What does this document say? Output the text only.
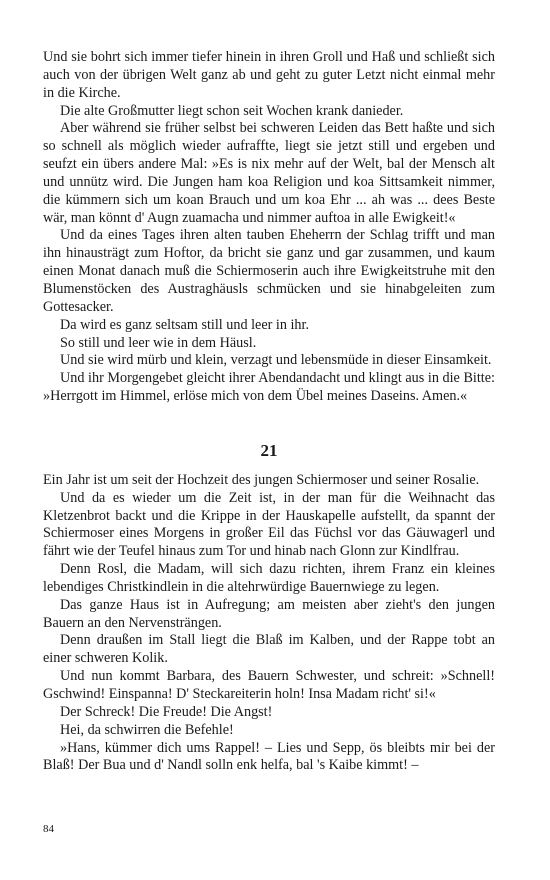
Und sie bohrt sich immer tiefer hinein in ihren Groll und Haß und schließt sich auch von der übrigen Welt ganz ab und geht zu guter Letzt nicht einmal mehr in die Kirche.

Die alte Großmutter liegt schon seit Wochen krank danieder.

Aber während sie früher selbst bei schweren Leiden das Bett haßte und sich so schnell als möglich wieder aufraffte, liegt sie jetzt still und ergeben und seufzt ein übers andere Mal: »Es is nix mehr auf der Welt, bal der Mensch alt und unnütz wird. Die Jungen ham koa Religion und koa Sittsamkeit nimmer, die kümmern sich um koan Brauch und um koa Ehr ... ah was ... dees Beste wär, man könnt d' Augn zuamacha und nimmer auftoa in alle Ewigkeit!«

Und da eines Tages ihren alten tauben Eheherrn der Schlag trifft und man ihn hinausträgt zum Hoftor, da bricht sie ganz und gar zusammen, und kaum einen Monat danach muß die Schiermoserin auch ihre Ewigkeitstruhe mit den Blumenstöcken des Austraghäusls schmücken und sie hinabgeleiten zum Gottesacker.

Da wird es ganz seltsam still und leer in ihr.

So still und leer wie in dem Häusl.

Und sie wird mürb und klein, verzagt und lebensmüde in dieser Einsamkeit.

Und ihr Morgengebet gleicht ihrer Abendandacht und klingt aus in die Bitte: »Herrgott im Himmel, erlöse mich von dem Übel meines Daseins. Amen.«

21

Ein Jahr ist um seit der Hochzeit des jungen Schiermoser und seiner Rosalie.

Und da es wieder um die Zeit ist, in der man für die Weihnacht das Kletzenbrot backt und die Krippe in der Hauskapelle aufstellt, da spannt der Schiermoser eines Morgens in großer Eil das Füchsl vor das Gäuwagerl und fährt wie der Teufel hinaus zum Tor und hinab nach Glonn zur Kindlfrau.

Denn Rosl, die Madam, will sich dazu richten, ihrem Franz ein kleines lebendiges Christkindlein in die altehrwürdige Bauernwiege zu legen.

Das ganze Haus ist in Aufregung; am meisten aber zieht's den jungen Bauern an den Nervensträngen.

Denn draußen im Stall liegt die Blaß im Kalben, und der Rappe tobt an einer schweren Kolik.

Und nun kommt Barbara, des Bauern Schwester, und schreit: »Schnell! Gschwind! Einspanna! D' Steckareiterin holn! Insa Madam richt' si!«

Der Schreck! Die Freude! Die Angst!

Hei, da schwirren die Befehle!

»Hans, kümmer dich ums Rappel! – Lies und Sepp, ös bleibts mir bei der Blaß! Der Bua und d' Nandl solln enk helfa, bal 's Kaibe kimmt! –

84
